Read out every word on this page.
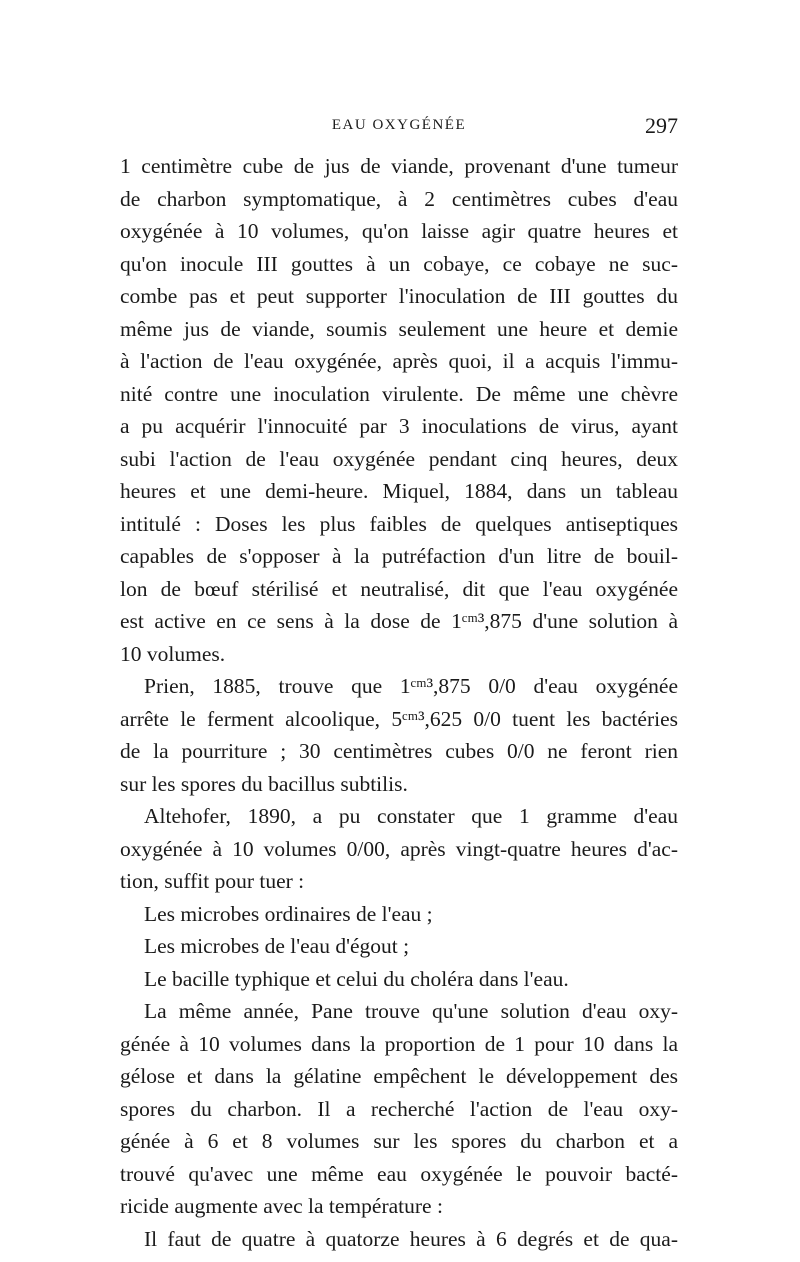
EAU OXYGÉNÉE	297
1 centimètre cube de jus de viande, provenant d'une tumeur
de charbon symptomatique, à 2 centimètres cubes d'eau
oxygénée à 10 volumes, qu'on laisse agir quatre heures et
qu'on inocule III gouttes à un cobaye, ce cobaye ne suc-
combe pas et peut supporter l'inoculation de III gouttes du
même jus de viande, soumis seulement une heure et demie
à l'action de l'eau oxygénée, après quoi, il a acquis l'immu-
nité contre une inoculation virulente. De même une chèvre
a pu acquérir l'innocuité par 3 inoculations de virus, ayant
subi l'action de l'eau oxygénée pendant cinq heures, deux
heures et une demi-heure. Miquel, 1884, dans un tableau
intitulé : Doses les plus faibles de quelques antiseptiques
capables de s'opposer à la putréfaction d'un litre de bouil-
lon de bœuf stérilisé et neutralisé, dit que l'eau oxygénée
est active en ce sens à la dose de 1ᶜᵐ³,875 d'une solution à
10 volumes.
Prien, 1885, trouve que 1ᶜᵐ³,875 0/0 d'eau oxygénée
arrête le ferment alcoolique, 5ᶜᵐ³,625 0/0 tuent les bactéries
de la pourriture ; 30 centimètres cubes 0/0 ne feront rien
sur les spores du bacillus subtilis.
Altehofer, 1890, a pu constater que 1 gramme d'eau
oxygénée à 10 volumes 0/00, après vingt-quatre heures d'ac-
tion, suffit pour tuer :
Les microbes ordinaires de l'eau ;
Les microbes de l'eau d'égout ;
Le bacille typhique et celui du choléra dans l'eau.
La même année, Pane trouve qu'une solution d'eau oxy-
génée à 10 volumes dans la proportion de 1 pour 10 dans la
gélose et dans la gélatine empêchent le développement des
spores du charbon. Il a recherché l'action de l'eau oxy-
génée à 6 et 8 volumes sur les spores du charbon et a
trouvé qu'avec une même eau oxygénée le pouvoir bacté-
ricide augmente avec la température :
Il faut de quatre à quatorze heures à 6 degrés et de qua-
